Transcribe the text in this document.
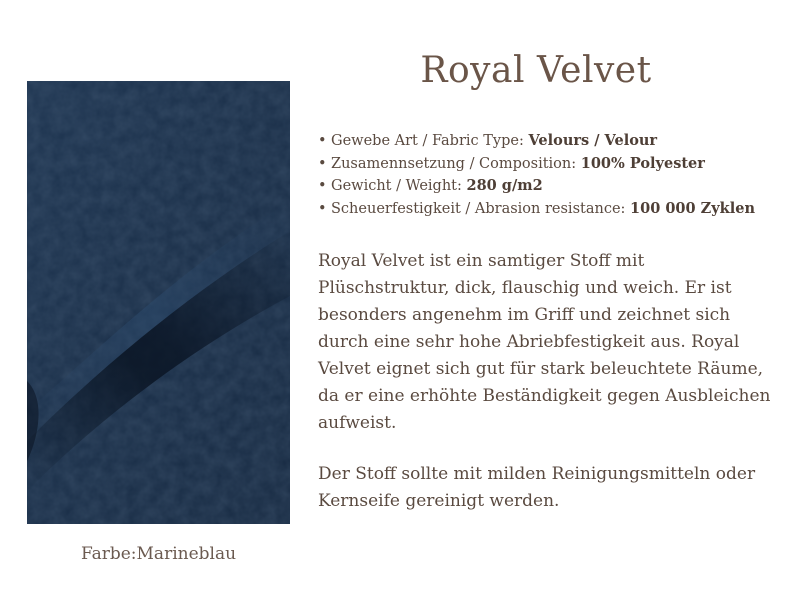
Farbe:Marineblau
Royal Velvet
• Gewebe Art / Fabric Type: Velours / Velour
• Zusamennsetzung / Composition: 100% Polyester
• Gewicht / Weight: 280 g/m2
• Scheuerfestigkeit / Abrasion resistance: 100 000 Zyklen

Royal Velvet ist ein samtiger Stoff mit Plüschstruktur, dick, flauschig und weich. Er ist besonders angenehm im Griff und zeichnet sich durch eine sehr hohe Abriebfestigkeit aus. Royal Velvet eignet sich gut für stark beleuchtete Räume, da er eine erhöhte Beständigkeit gegen Ausbleichen aufweist.

Der Stoff sollte mit milden Reinigungsmitteln oder Kernseife gereinigt werden.
